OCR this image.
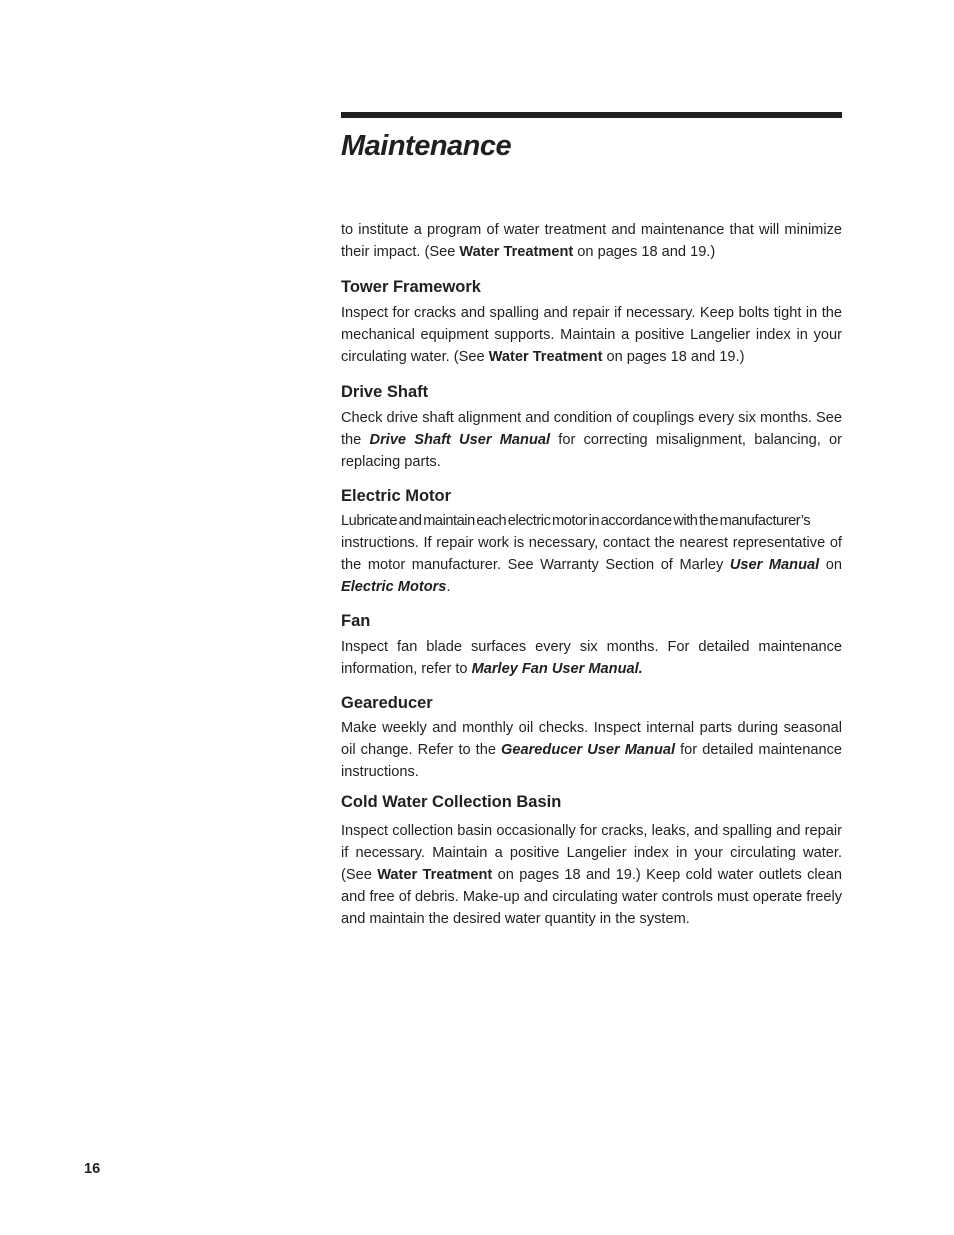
Maintenance

to institute a program of water treatment and maintenance that will minimize their impact. (See Water Treatment on pages 18 and 19.)

Tower Framework

Inspect for cracks and spalling and repair if necessary. Keep bolts tight in the mechanical equipment supports. Maintain a positive Langelier index in your circulating water. (See Water Treatment on pages 18 and 19.)

Drive Shaft

Check drive shaft alignment and condition of couplings every six months. See the Drive Shaft User Manual for correcting misalignment, balancing, or replacing parts.

Electric Motor

Lubricate and maintain each electric motor in accordance with the manufacturer’s
instructions. If repair work is necessary, contact the nearest representative of the motor manufacturer. See Warranty Section of Marley User Manual on Electric Motors.

Fan

Inspect fan blade surfaces every six months. For detailed maintenance information, refer to Marley Fan User Manual.

Geareducer

Make weekly and monthly oil checks. Inspect internal parts during seasonal oil change. Refer to the Geareducer User Manual for detailed maintenance instructions.

Cold Water Collection Basin

Inspect collection basin occasionally for cracks, leaks, and spalling and repair if necessary. Maintain a positive Langelier index in your circulating water. (See Water Treatment on pages 18 and 19.) Keep cold water outlets clean and free of debris. Make-up and circulating water controls must operate freely and maintain the desired water quantity in the system.

16
